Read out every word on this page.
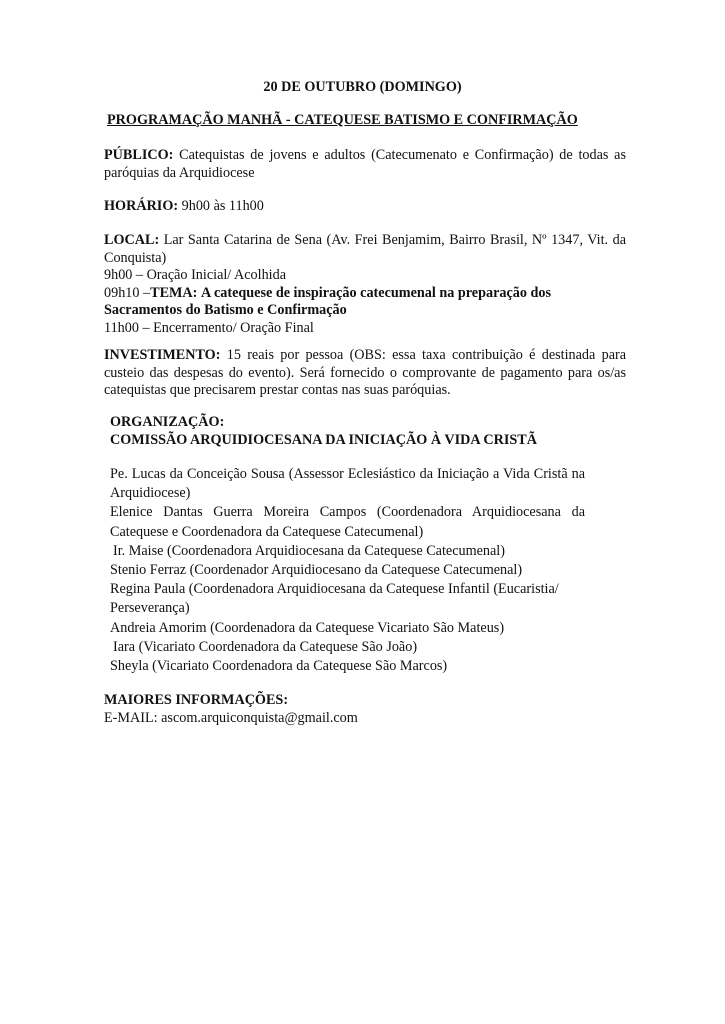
20 DE OUTUBRO (DOMINGO)
PROGRAMAÇÃO MANHÃ - CATEQUESE BATISMO E CONFIRMAÇÃO
PÚBLICO: Catequistas de jovens e adultos (Catecumenato e Confirmação) de todas as paróquias da Arquidiocese
HORÁRIO: 9h00 às 11h00
LOCAL: Lar Santa Catarina de Sena (Av. Frei Benjamim, Bairro Brasil, Nº 1347, Vit. da Conquista)
9h00 – Oração Inicial/ Acolhida
09h10 –TEMA: A catequese de inspiração catecumenal na preparação dos Sacramentos do Batismo e Confirmação
11h00 – Encerramento/ Oração Final
INVESTIMENTO: 15 reais por pessoa (OBS: essa taxa contribuição é destinada para custeio das despesas do evento). Será fornecido o comprovante de pagamento para os/as catequistas que precisarem prestar contas nas suas paróquias.
ORGANIZAÇÃO:
COMISSÃO ARQUIDIOCESANA DA INICIAÇÃO À VIDA CRISTÃ
Pe. Lucas da Conceição Sousa (Assessor Eclesiástico da Iniciação a Vida Cristã na Arquidiocese)
Elenice Dantas Guerra Moreira Campos (Coordenadora Arquidiocesana da Catequese e Coordenadora da Catequese Catecumenal)
Ir. Maise (Coordenadora Arquidiocesana da Catequese Catecumenal)
Stenio Ferraz (Coordenador Arquidiocesano da Catequese Catecumenal)
Regina Paula (Coordenadora Arquidiocesana da Catequese Infantil (Eucaristia/ Perseverança)
Andreia Amorim (Coordenadora da Catequese Vicariato São Mateus)
Iara (Vicariato Coordenadora da Catequese São João)
Sheyla (Vicariato Coordenadora da Catequese São Marcos)
MAIORES INFORMAÇÕES:
E-MAIL: ascom.arquiconquista@gmail.com
